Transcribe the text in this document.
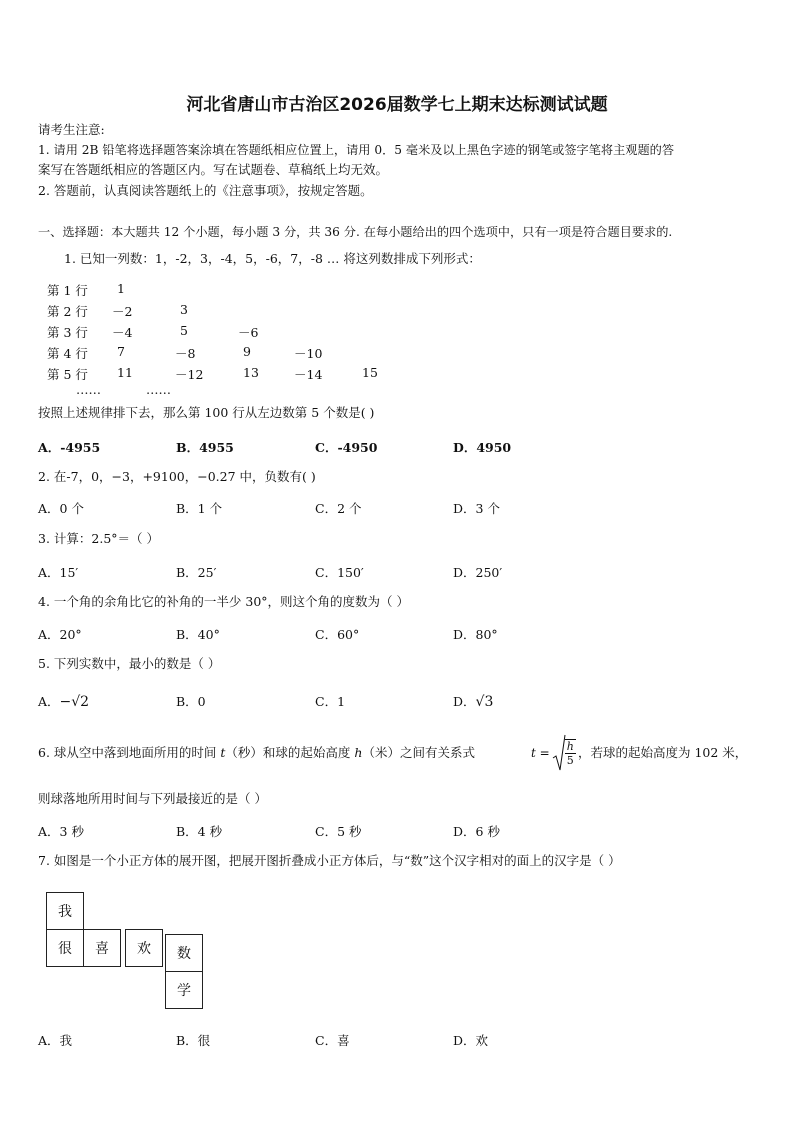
河北省唐山市古治区2026届数学七上期末达标测试试题
请考生注意:
1. 请用 2B 铅笔将选择题答案涂填在答题纸相应位置上，请用 0．5 毫米及以上黑色字迹的钢笔或签字笔将主观题的答
案写在答题纸相应的答题区内。写在试题卷、草稿纸上均无效。
2. 答题前，认真阅读答题纸上的《注意事项》，按规定答题。
一、选择题：本大题共 12 个小题，每小题 3 分，共 36 分. 在每小题给出的四个选项中，只有一项是符合题目要求的.
1. 已知一列数：1，-2，3，-4，5，-6，7，-8 … 将这列数排成下列形式：
第 1 行 1
第 2 行 －2	3
第 3 行 －4	5	－6
第 4 行 7	－8	9	－10
第 5 行 11	－12	13	－14	15
……	……
按照上述规律排下去，那么第 100 行从左边数第 5 个数是( )
A．-4955	B．4955	C．-4950	D．4950
2. 在-7，0，−3，+9100，−0.27 中，负数有( )
A．0 个	B．1 个	C．2 个	D．3 个
3. 计算：2.5°＝（ ）
A．15′	B．25′	C．150′	D．250′
4. 一个角的余角比它的补角的一半少 30°，则这个角的度数为（ ）
A．20°	B．40°	C．60°	D．80°
5. 下列实数中，最小的数是（ ）
A．−√2	B．0	C．1	D．√3
6. 球从空中落到地面所用的时间 t（秒）和球的起始高度 h（米）之间有关系式	$t = \frac{h}{5}$ ，若球的起始高度为 102 米，
则球落地所用时间与下列最接近的是（ ）
A．3 秒	B．4 秒	C．5 秒	D．6 秒
7. 如图是一个小正方体的展开图，把展开图折叠成小正方体后，与“数”这个汉字相对的面上的汉字是（ ）
我
很	喜	欢	数
学
A．我	B．很	C．喜	D．欢
